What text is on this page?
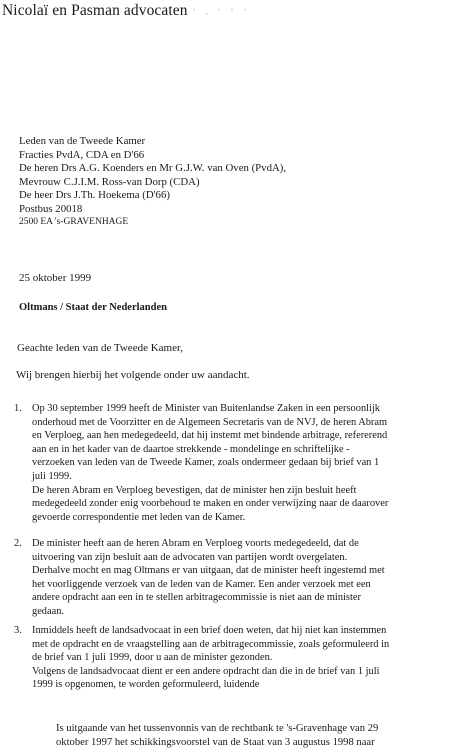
Nicolaï en Pasman advocaten · . · · ·
Leden van de Tweede Kamer
Fracties PvdA, CDA en D'66
De heren Drs A.G. Koenders en Mr G.J.W. van Oven (PvdA),
Mevrouw C.J.I.M. Ross-van Dorp (CDA)
De heer Drs J.Th. Hoekema (D'66)
Postbus 20018
2500 EA 's-GRAVENHAGE
25 oktober 1999
Oltmans / Staat der Nederlanden
Geachte leden van de Tweede Kamer,
Wij brengen hierbij het volgende onder uw aandacht.
1. Op 30 september 1999 heeft de Minister van Buitenlandse Zaken in een persoonlijk
onderhoud met de Voorzitter en de Algemeen Secretaris van de NVJ, de heren Abram
en Verploeg, aan hen medegedeeld, dat hij instemt met bindende arbitrage, refererend
aan en in het kader van de daartoe strekkende - mondelinge en schriftelijke -
verzoeken van leden van de Tweede Kamer, zoals ondermeer gedaan bij brief van 1
juli 1999.
De heren Abram en Verploeg bevestigen, dat de minister hen zijn besluit heeft
medegedeeld zonder enig voorbehoud te maken en onder verwijzing naar de daarover
gevoerde correspondentie met leden van de Kamer.
2. De minister heeft aan de heren Abram en Verploeg voorts medegedeeld, dat de
uitvoering van zijn besluit aan de advocaten van partijen wordt overgelaten.
Derhalve mocht en mag Oltmans er van uitgaan, dat de minister heeft ingestemd met
het voorliggende verzoek van de leden van de Kamer. Een ander verzoek met een
andere opdracht aan een in te stellen arbitragecommissie is niet aan de minister
gedaan.
3. Inmiddels heeft de landsadvocaat in een brief doen weten, dat hij niet kan instemmen
met de opdracht en de vraagstelling aan de arbitragecommissie, zoals geformuleerd in
de brief van 1 juli 1999, door u aan de minister gezonden.
Volgens de landsadvocaat dient er een andere opdracht dan die in de brief van 1 juli
1999 is opgenomen, te worden geformuleerd, luidende
Is uitgaande van het tussenvonnis van de rechtbank te 's-Gravenhage van 29
oktober 1997 het schikkingsvoorstel van de Staat van 3 augustus 1998 naar
